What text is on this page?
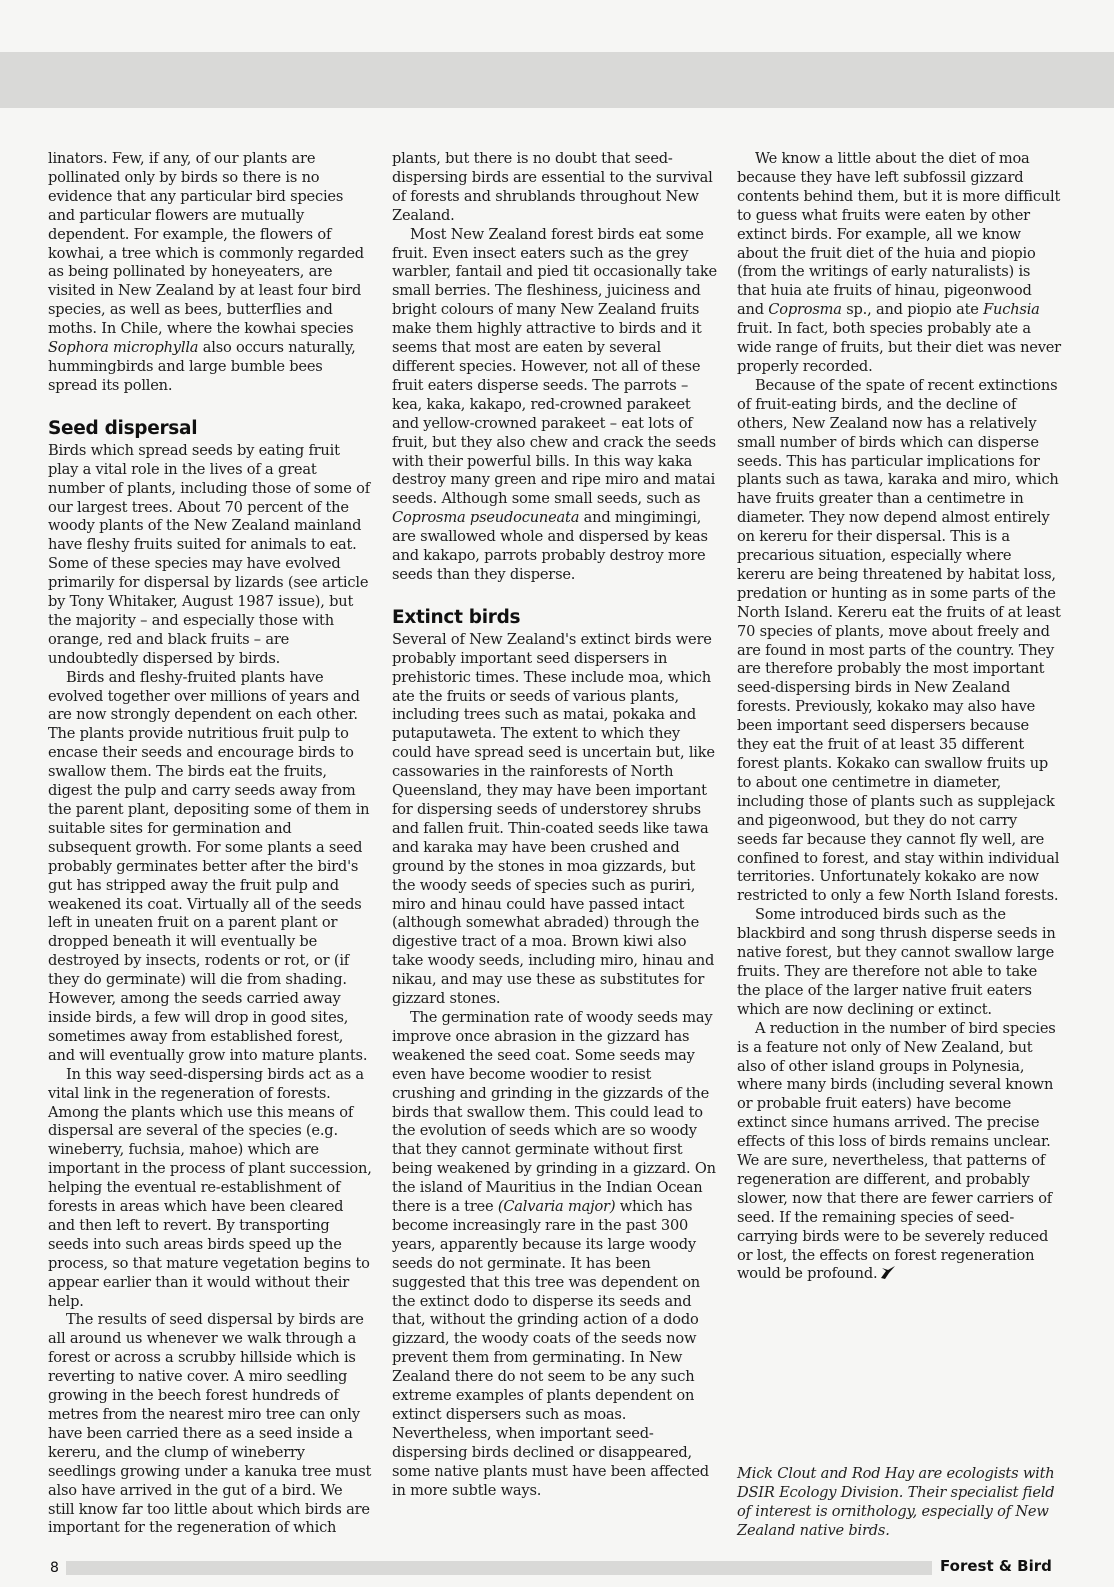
linators. Few, if any, of our plants are pollinated only by birds so there is no evidence that any particular bird species and particular flowers are mutually dependent. For example, the flowers of kowhai, a tree which is commonly regarded as being pollinated by honeyeaters, are visited in New Zealand by at least four bird species, as well as bees, butterflies and moths. In Chile, where the kowhai species Sophora microphylla also occurs naturally, hummingbirds and large bumble bees spread its pollen.

Seed dispersal

Birds which spread seeds by eating fruit play a vital role in the lives of a great number of plants, including those of some of our largest trees. About 70 percent of the woody plants of the New Zealand mainland have fleshy fruits suited for animals to eat. Some of these species may have evolved primarily for dispersal by lizards (see article by Tony Whitaker, August 1987 issue), but the majority – and especially those with orange, red and black fruits – are undoubtedly dispersed by birds.

Birds and fleshy-fruited plants have evolved together over millions of years and are now strongly dependent on each other. The plants provide nutritious fruit pulp to encase their seeds and encourage birds to swallow them. The birds eat the fruits, digest the pulp and carry seeds away from the parent plant, depositing some of them in suitable sites for germination and subsequent growth. For some plants a seed probably germinates better after the bird's gut has stripped away the fruit pulp and weakened its coat. Virtually all of the seeds left in uneaten fruit on a parent plant or dropped beneath it will eventually be destroyed by insects, rodents or rot, or (if they do germinate) will die from shading. However, among the seeds carried away inside birds, a few will drop in good sites, sometimes away from established forest, and will eventually grow into mature plants.

In this way seed-dispersing birds act as a vital link in the regeneration of forests. Among the plants which use this means of dispersal are several of the species (e.g. wineberry, fuchsia, mahoe) which are important in the process of plant succession, helping the eventual re-establishment of forests in areas which have been cleared and then left to revert. By transporting seeds into such areas birds speed up the process, so that mature vegetation begins to appear earlier than it would without their help.

The results of seed dispersal by birds are all around us whenever we walk through a forest or across a scrubby hillside which is reverting to native cover. A miro seedling growing in the beech forest hundreds of metres from the nearest miro tree can only have been carried there as a seed inside a kereru, and the clump of wineberry seedlings growing under a kanuka tree must also have arrived in the gut of a bird. We still know far too little about which birds are important for the regeneration of which

plants, but there is no doubt that seed-dispersing birds are essential to the survival of forests and shrublands throughout New Zealand.

Most New Zealand forest birds eat some fruit. Even insect eaters such as the grey warbler, fantail and pied tit occasionally take small berries. The fleshiness, juiciness and bright colours of many New Zealand fruits make them highly attractive to birds and it seems that most are eaten by several different species. However, not all of these fruit eaters disperse seeds. The parrots – kea, kaka, kakapo, red-crowned parakeet and yellow-crowned parakeet – eat lots of fruit, but they also chew and crack the seeds with their powerful bills. In this way kaka destroy many green and ripe miro and matai seeds. Although some small seeds, such as Coprosma pseudocuneata and mingimingi, are swallowed whole and dispersed by keas and kakapo, parrots probably destroy more seeds than they disperse.

Extinct birds

Several of New Zealand's extinct birds were probably important seed dispersers in prehistoric times. These include moa, which ate the fruits or seeds of various plants, including trees such as matai, pokaka and putaputaweta. The extent to which they could have spread seed is uncertain but, like cassowaries in the rainforests of North Queensland, they may have been important for dispersing seeds of understorey shrubs and fallen fruit. Thin-coated seeds like tawa and karaka may have been crushed and ground by the stones in moa gizzards, but the woody seeds of species such as puriri, miro and hinau could have passed intact (although somewhat abraded) through the digestive tract of a moa. Brown kiwi also take woody seeds, including miro, hinau and nikau, and may use these as substitutes for gizzard stones.

The germination rate of woody seeds may improve once abrasion in the gizzard has weakened the seed coat. Some seeds may even have become woodier to resist crushing and grinding in the gizzards of the birds that swallow them. This could lead to the evolution of seeds which are so woody that they cannot germinate without first being weakened by grinding in a gizzard. On the island of Mauritius in the Indian Ocean there is a tree (Calvaria major) which has become increasingly rare in the past 300 years, apparently because its large woody seeds do not germinate. It has been suggested that this tree was dependent on the extinct dodo to disperse its seeds and that, without the grinding action of a dodo gizzard, the woody coats of the seeds now prevent them from germinating. In New Zealand there do not seem to be any such extreme examples of plants dependent on extinct dispersers such as moas. Nevertheless, when important seed-dispersing birds declined or disappeared, some native plants must have been affected in more subtle ways.

We know a little about the diet of moa because they have left subfossil gizzard contents behind them, but it is more difficult to guess what fruits were eaten by other extinct birds. For example, all we know about the fruit diet of the huia and piopio (from the writings of early naturalists) is that huia ate fruits of hinau, pigeonwood and Coprosma sp., and piopio ate Fuchsia fruit. In fact, both species probably ate a wide range of fruits, but their diet was never properly recorded.

Because of the spate of recent extinctions of fruit-eating birds, and the decline of others, New Zealand now has a relatively small number of birds which can disperse seeds. This has particular implications for plants such as tawa, karaka and miro, which have fruits greater than a centimetre in diameter. They now depend almost entirely on kereru for their dispersal. This is a precarious situation, especially where kereru are being threatened by habitat loss, predation or hunting as in some parts of the North Island. Kereru eat the fruits of at least 70 species of plants, move about freely and are found in most parts of the country. They are therefore probably the most important seed-dispersing birds in New Zealand forests. Previously, kokako may also have been important seed dispersers because they eat the fruit of at least 35 different forest plants. Kokako can swallow fruits up to about one centimetre in diameter, including those of plants such as supplejack and pigeonwood, but they do not carry seeds far because they cannot fly well, are confined to forest, and stay within individual territories. Unfortunately kokako are now restricted to only a few North Island forests.

Some introduced birds such as the blackbird and song thrush disperse seeds in native forest, but they cannot swallow large fruits. They are therefore not able to take the place of the larger native fruit eaters which are now declining or extinct.

A reduction in the number of bird species is a feature not only of New Zealand, but also of other island groups in Polynesia, where many birds (including several known or probable fruit eaters) have become extinct since humans arrived. The precise effects of this loss of birds remains unclear. We are sure, nevertheless, that patterns of regeneration are different, and probably slower, now that there are fewer carriers of seed. If the remaining species of seed-carrying birds were to be severely reduced or lost, the effects on forest regeneration would be profound.

Mick Clout and Rod Hay are ecologists with DSIR Ecology Division. Their specialist field of interest is ornithology, especially of New Zealand native birds.
8	Forest & Bird
